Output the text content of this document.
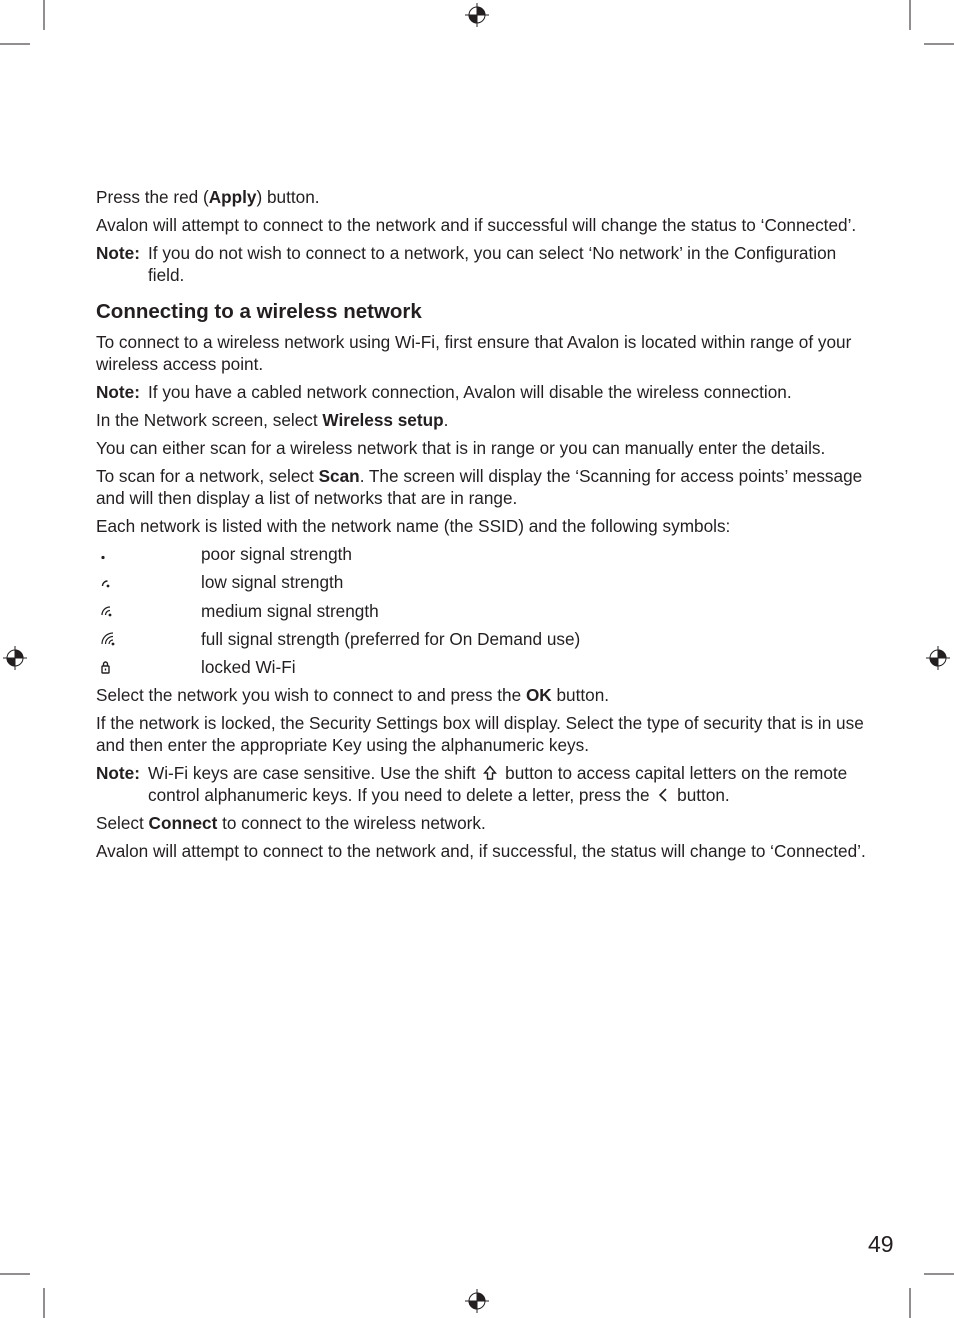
Press the red (Apply) button.

Avalon will attempt to connect to the network and if successful will change the status to ‘Connected’.

Note: If you do not wish to connect to a network, you can select ‘No network’ in the Configuration field.
Connecting to a wireless network

To connect to a wireless network using Wi-Fi, first ensure that Avalon is located within range of your wireless access point.

Note: If you have a cabled network connection, Avalon will disable the wireless connection.

In the Network screen, select Wireless setup.

You can either scan for a wireless network that is in range or you can manually enter the details.

To scan for a network, select Scan. The screen will display the ‘Scanning for access points’ message and will then display a list of networks that are in range.

Each network is listed with the network name (the SSID) and the following symbols:

poor signal strength
low signal strength
medium signal strength
full signal strength (preferred for On Demand use)
locked Wi-Fi

Select the network you wish to connect to and press the OK button.

If the network is locked, the Security Settings box will display. Select the type of security that is in use and then enter the appropriate Key using the alphanumeric keys.

Note: Wi-Fi keys are case sensitive. Use the shift  button to access capital letters on the remote control alphanumeric keys. If you need to delete a letter, press the  button.

Select Connect to connect to the wireless network.

Avalon will attempt to connect to the network and, if successful, the status will change to ‘Connected’.

49
